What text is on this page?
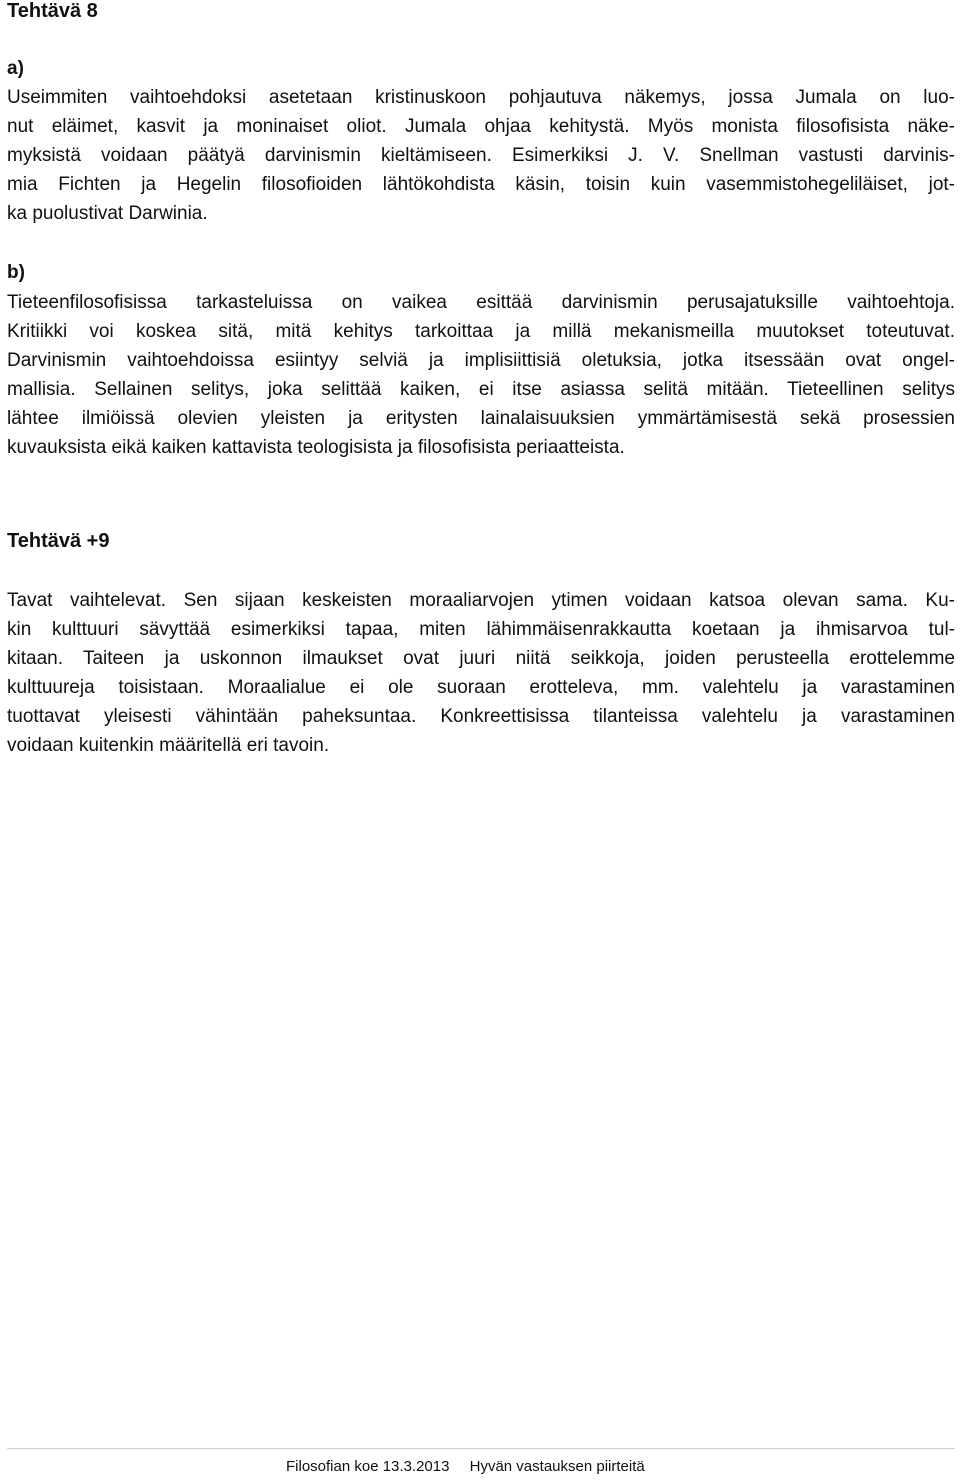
Tehtävä 8
a)

Useimmiten vaihtoehdoksi asetetaan kristinuskoon pohjautuva näkemys, jossa Jumala on luo-
nut eläimet, kasvit ja moninaiset oliot. Jumala ohjaa kehitystä. Myös monista filosofisista näke-
myksistä voidaan päätyä darvinismin kieltämiseen. Esimerkiksi J. V. Snellman vastusti darvinis-
mia Fichten ja Hegelin filosofioiden lähtökohdista käsin, toisin kuin vasemmistohegeliläiset, jot-
ka puolustivat Darwinia.

b)

Tieteenfilosofisissa tarkasteluissa on vaikea esittää darvinismin perusajatuksille vaihtoehtoja.
Kritiikki voi koskea sitä, mitä kehitys tarkoittaa ja millä mekanismeilla muutokset toteutuvat.
Darvinismin vaihtoehdoissa esiintyy selviä ja implisiittisiä oletuksia, jotka itsessään ovat ongel-
mallisia. Sellainen selitys, joka selittää kaiken, ei itse asiassa selitä mitään. Tieteellinen selitys
lähtee ilmiöissä olevien yleisten ja eritysten lainalaisuuksien ymmärtämisestä sekä prosessien
kuvauksista eikä kaiken kattavista teologisista ja filosofisista periaatteista.

Tehtävä +9

Tavat vaihtelevat. Sen sijaan keskeisten moraaliarvojen ytimen voidaan katsoa olevan sama. Ku-
kin kulttuuri sävyttää esimerkiksi tapaa, miten lähimmäisenrakkautta koetaan ja ihmisarvoa tul-
kitaan. Taiteen ja uskonnon ilmaukset ovat juuri niitä seikkoja, joiden perusteella erottelemme
kulttuureja toisistaan. Moraalialue ei ole suoraan erotteleva, mm. valehtelu ja varastaminen
tuottavat yleisesti vähintään paheksuntaa. Konkreettisissa tilanteissa valehtelu ja varastaminen
voidaan kuitenkin määritellä eri tavoin.

Filosofian koe 13.3.2013 Hyvän vastauksen piirteitä
